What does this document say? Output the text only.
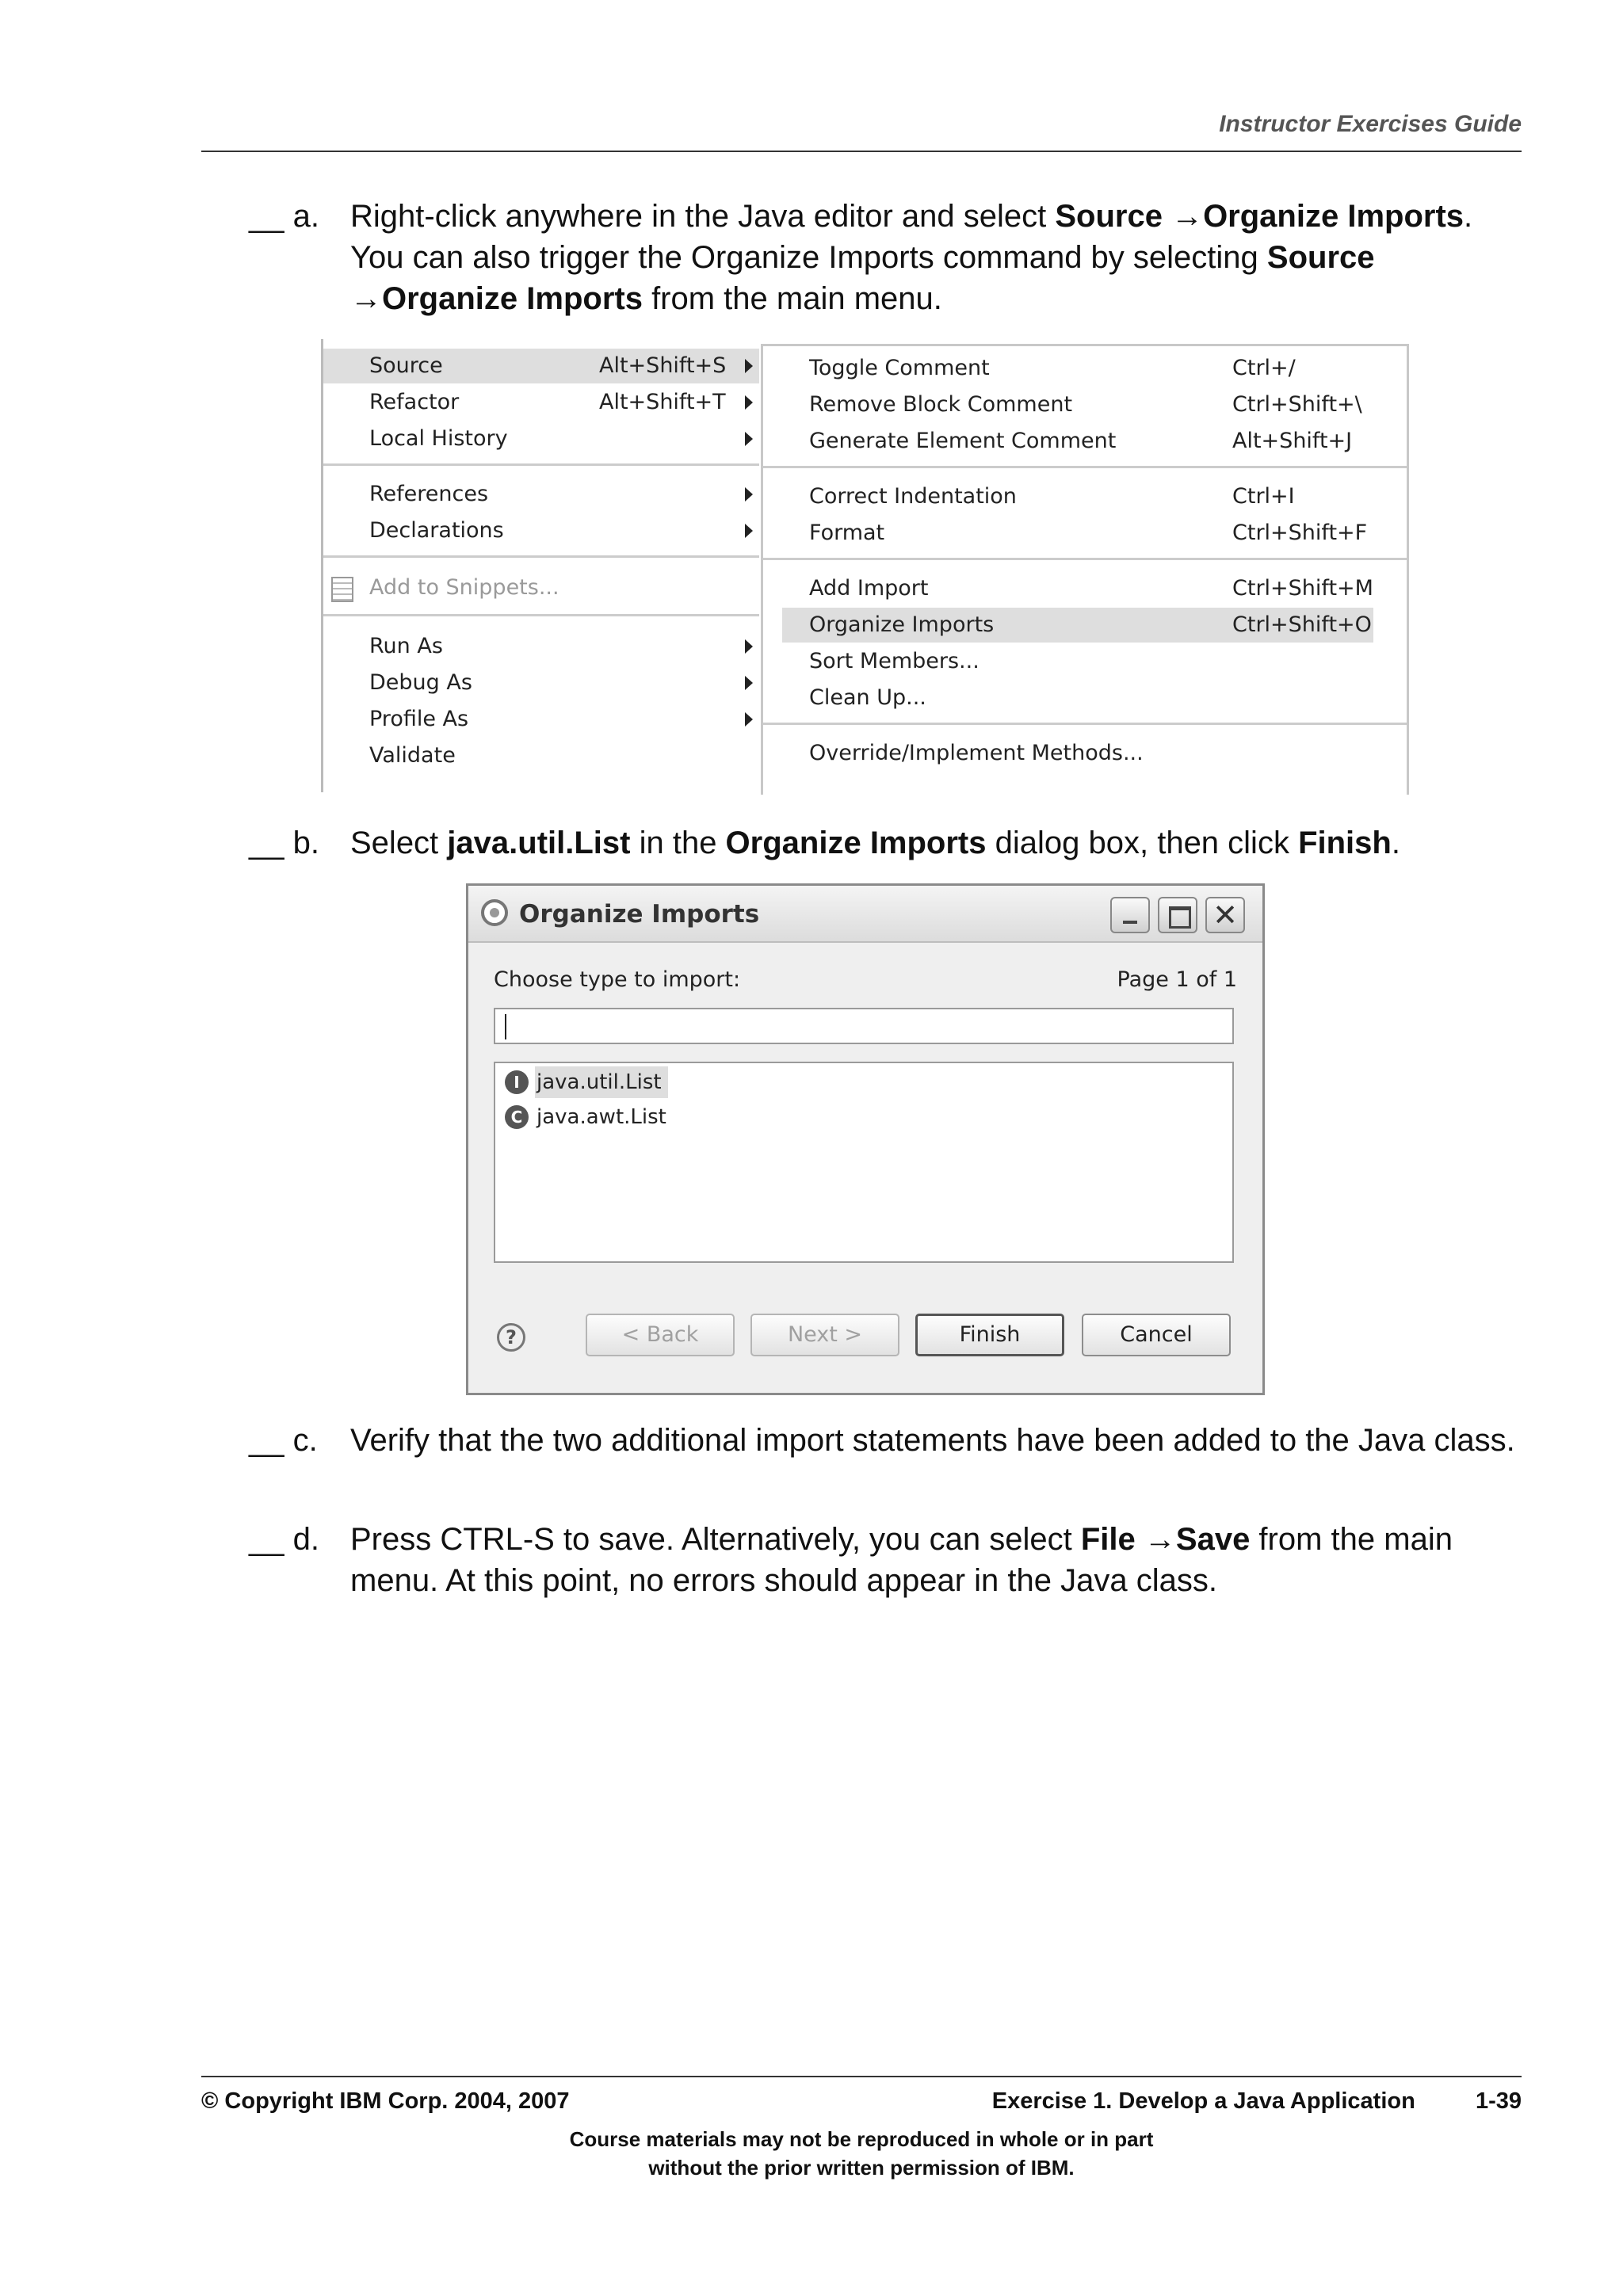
Instructor Exercises Guide
__ a. Right-click anywhere in the Java editor and select Source →Organize Imports. You can also trigger the Organize Imports command by selecting Source
→Organize Imports from the main menu.
Source	Alt+Shift+S
Refactor	Alt+Shift+T
Local History
References
Declarations
Add to Snippets...
Run As
Debug As
Profile As
Validate
Toggle Comment	Ctrl+/
Remove Block Comment	Ctrl+Shift+\
Generate Element Comment	Alt+Shift+J
Correct Indentation	Ctrl+I
Format	Ctrl+Shift+F
Add Import	Ctrl+Shift+M
Organize Imports	Ctrl+Shift+O
Sort Members...
Clean Up...
Override/Implement Methods...
__ b. Select java.util.List in the Organize Imports dialog box, then click Finish.
Organize Imports	✕
Choose type to import:	Page 1 of 1
I java.util.List
C java.awt.List
?	< Back	Next >	Finish	Cancel
__ c. Verify that the two additional import statements have been added to the Java class.
__ d. Press CTRL-S to save. Alternatively, you can select File →Save from the main menu. At this point, no errors should appear in the Java class.
© Copyright IBM Corp. 2004, 2007	Exercise 1. Develop a Java Application	1-39
Course materials may not be reproduced in whole or in part
without the prior written permission of IBM.
